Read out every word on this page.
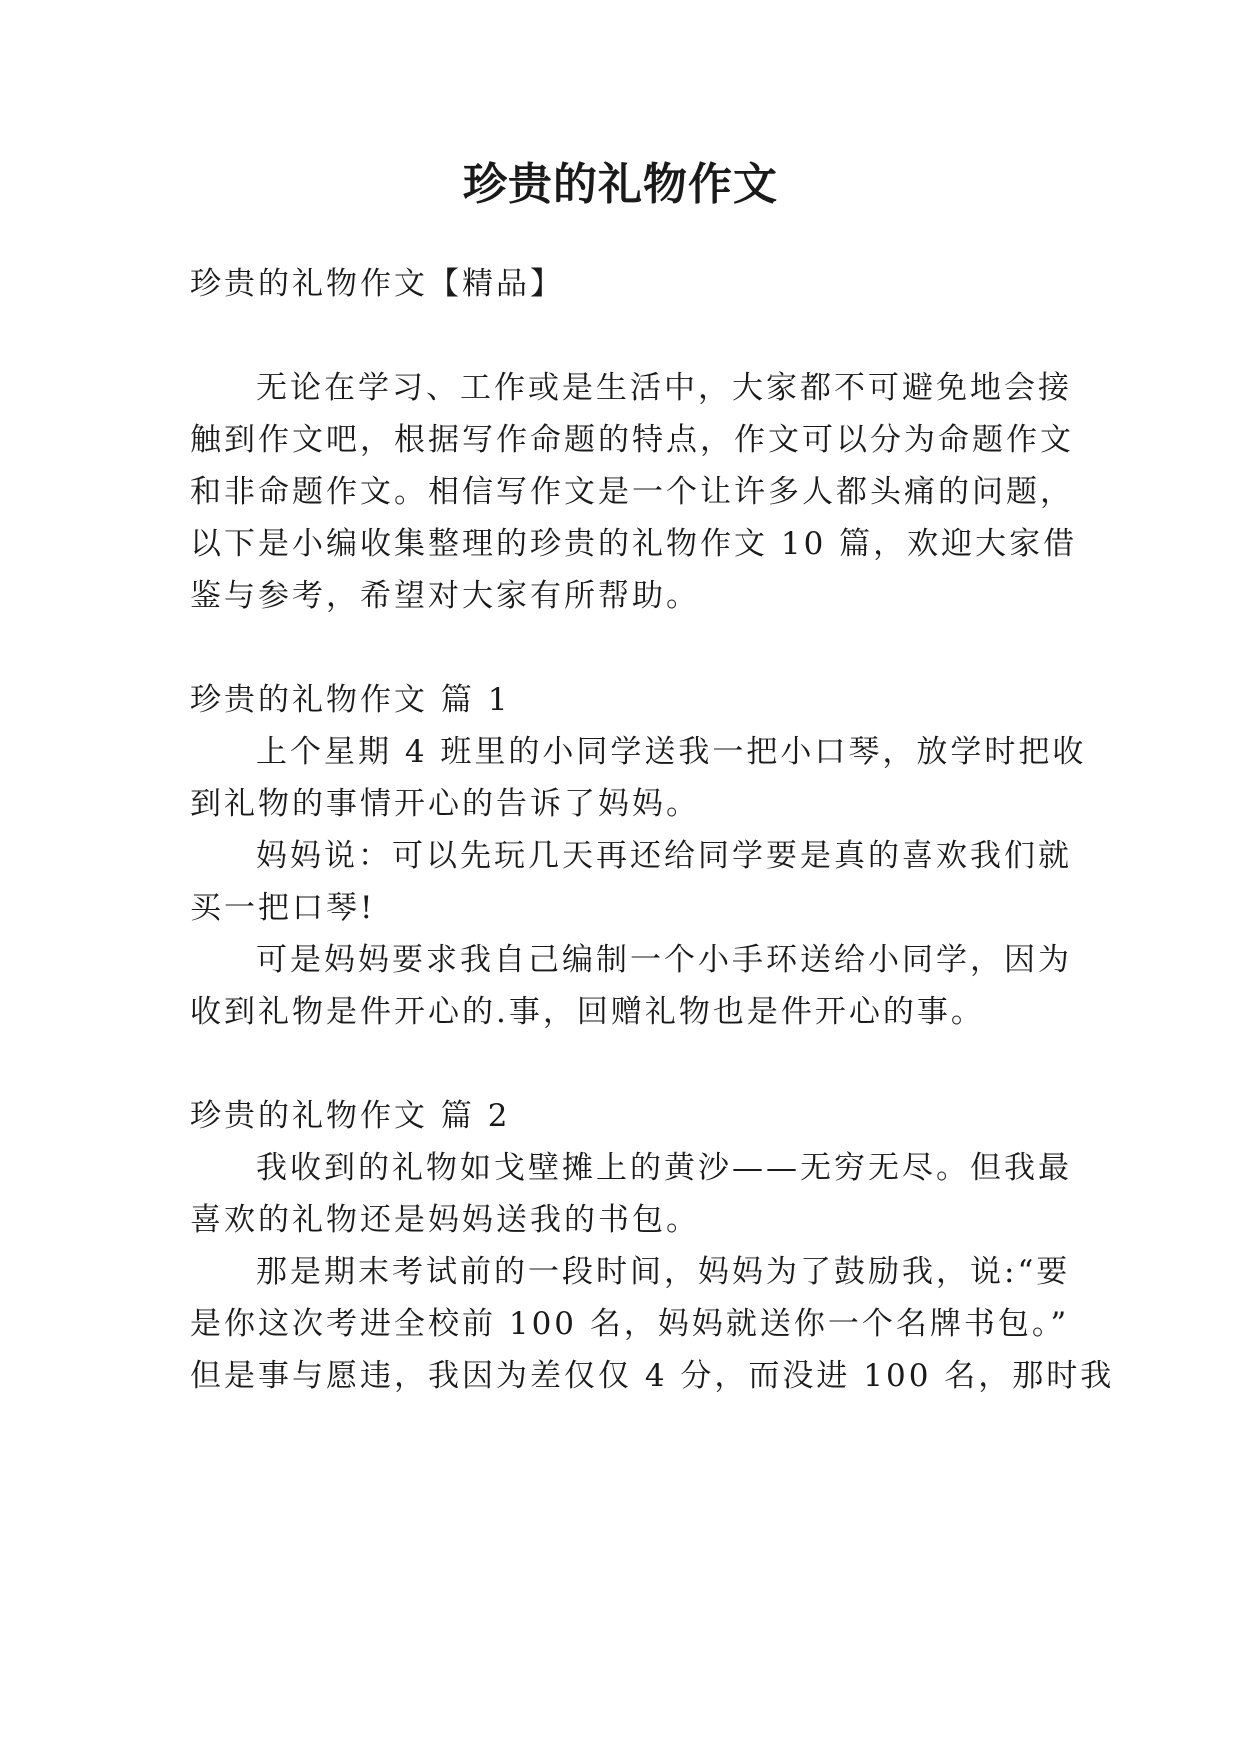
珍贵的礼物作文
珍贵的礼物作文【精品】
无论在学习、工作或是生活中，大家都不可避免地会接
触到作文吧，根据写作命题的特点，作文可以分为命题作文
和非命题作文。相信写作文是一个让许多人都头痛的问题，
以下是小编收集整理的珍贵的礼物作文 10 篇，欢迎大家借
鉴与参考，希望对大家有所帮助。
珍贵的礼物作文 篇 1
上个星期 4 班里的小同学送我一把小口琴，放学时把收
到礼物的事情开心的告诉了妈妈。
妈妈说：可以先玩几天再还给同学要是真的喜欢我们就
买一把口琴!
可是妈妈要求我自己编制一个小手环送给小同学，因为
收到礼物是件开心的.事，回赠礼物也是件开心的事。
珍贵的礼物作文 篇 2
我收到的礼物如戈壁摊上的黄沙——无穷无尽。但我最
喜欢的礼物还是妈妈送我的书包。
那是期末考试前的一段时间，妈妈为了鼓励我，说:“要
是你这次考进全校前 100 名，妈妈就送你一个名牌书包。”
但是事与愿违，我因为差仅仅 4 分，而没进 100 名，那时我
